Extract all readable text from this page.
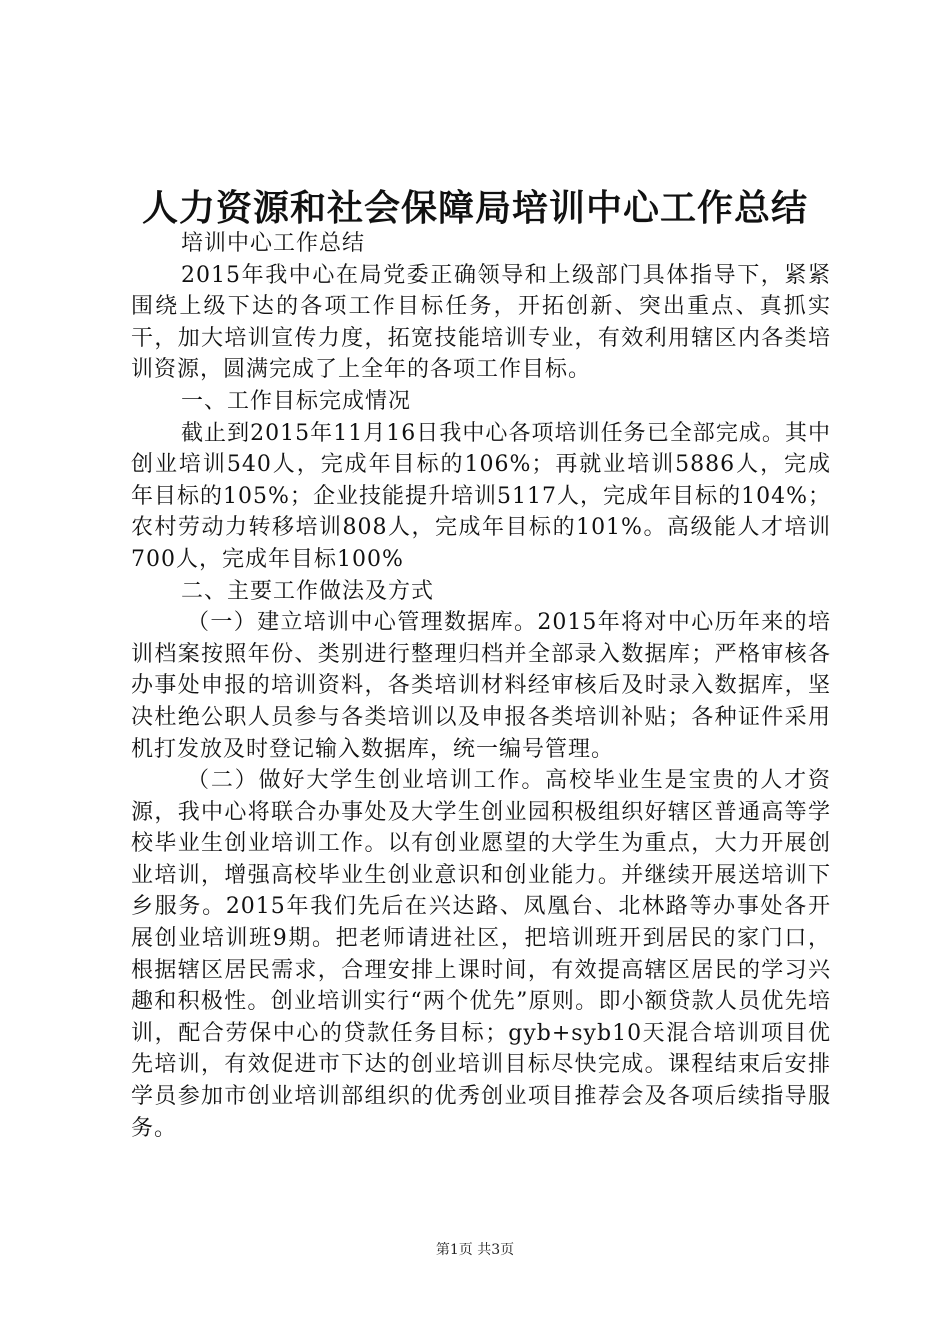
人力资源和社会保障局培训中心工作总结

培训中心工作总结

2015年我中心在局党委正确领导和上级部门具体指导下，紧紧围绕上级下达的各项工作目标任务，开拓创新、突出重点、真抓实干，加大培训宣传力度，拓宽技能培训专业，有效利用辖区内各类培训资源，圆满完成了上全年的各项工作目标。

一、工作目标完成情况

截止到2015年11月16日我中心各项培训任务已全部完成。其中创业培训540人，完成年目标的106%；再就业培训5886人，完成年目标的105%；企业技能提升培训5117人，完成年目标的104%；农村劳动力转移培训808人，完成年目标的101%。高级能人才培训700人，完成年目标100%

二、主要工作做法及方式

（一）建立培训中心管理数据库。2015年将对中心历年来的培训档案按照年份、类别进行整理归档并全部录入数据库；严格审核各办事处申报的培训资料，各类培训材料经审核后及时录入数据库，坚决杜绝公职人员参与各类培训以及申报各类培训补贴；各种证件采用机打发放及时登记输入数据库，统一编号管理。

（二）做好大学生创业培训工作。高校毕业生是宝贵的人才资源，我中心将联合办事处及大学生创业园积极组织好辖区普通高等学校毕业生创业培训工作。以有创业愿望的大学生为重点，大力开展创业培训，增强高校毕业生创业意识和创业能力。并继续开展送培训下乡服务。2015年我们先后在兴达路、凤凰台、北林路等办事处各开展创业培训班9期。把老师请进社区，把培训班开到居民的家门口，根据辖区居民需求，合理安排上课时间，有效提高辖区居民的学习兴趣和积极性。创业培训实行“两个优先”原则。即小额贷款人员优先培训，配合劳保中心的贷款任务目标；gyb+syb10天混合培训项目优先培训，有效促进市下达的创业培训目标尽快完成。课程结束后安排学员参加市创业培训部组织的优秀创业项目推荐会及各项后续指导服务。

第1页 共3页
